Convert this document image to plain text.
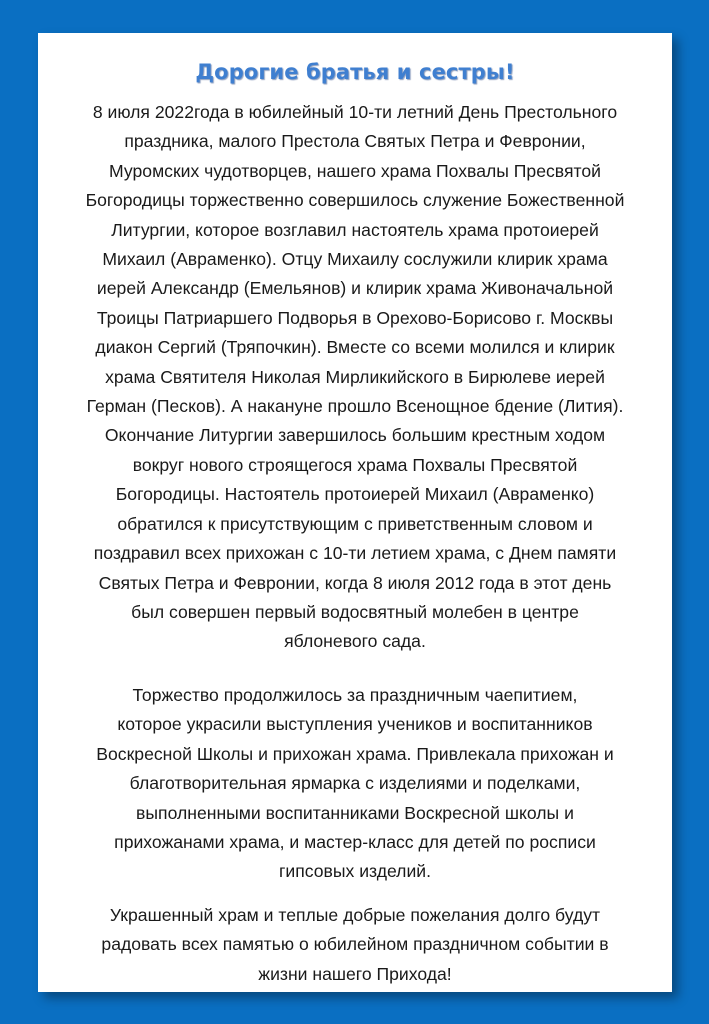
Дорогие братья и сестры!
8 июля 2022года в юбилейный 10-ти летний День Престольного
праздника, малого Престола Святых Петра и Февронии,
Муромских чудотворцев, нашего храма Похвалы Пресвятой
Богородицы торжественно совершилось служение Божественной
Литургии, которое возглавил настоятель храма протоиерей
Михаил (Авраменко). Отцу Михаилу сослужили клирик храма
иерей Александр (Емельянов) и клирик храма Живоначальной
Троицы Патриаршего Подворья в Орехово-Борисово г. Москвы
диакон Сергий (Тряпочкин). Вместе со всеми молился и клирик
храма Святителя Николая Мирликийского в Бирюлеве иерей
Герман (Песков). А накануне прошло Всенощное бдение (Лития).
Окончание Литургии завершилось большим крестным ходом
вокруг нового строящегося храма Похвалы Пресвятой
Богородицы. Настоятель протоиерей Михаил (Авраменко)
обратился к присутствующим с приветственным словом и
поздравил всех прихожан с 10-ти летием храма, с Днем памяти
Святых Петра и Февронии, когда 8 июля 2012 года в этот день
был совершен первый водосвятный молебен в центре
яблоневого сада.
Торжество продолжилось за праздничным чаепитием,
которое украсили выступления учеников и воспитанников
Воскресной Школы и прихожан храма. Привлекала прихожан и
благотворительная ярмарка с изделиями и поделками,
выполненными воспитанниками Воскресной школы и
прихожанами храма, и мастер-класс для детей по росписи
гипсовых изделий.
Украшенный храм и теплые добрые пожелания долго будут
радовать всех памятью о юбилейном праздничном событии в
жизни нашего Прихода!
